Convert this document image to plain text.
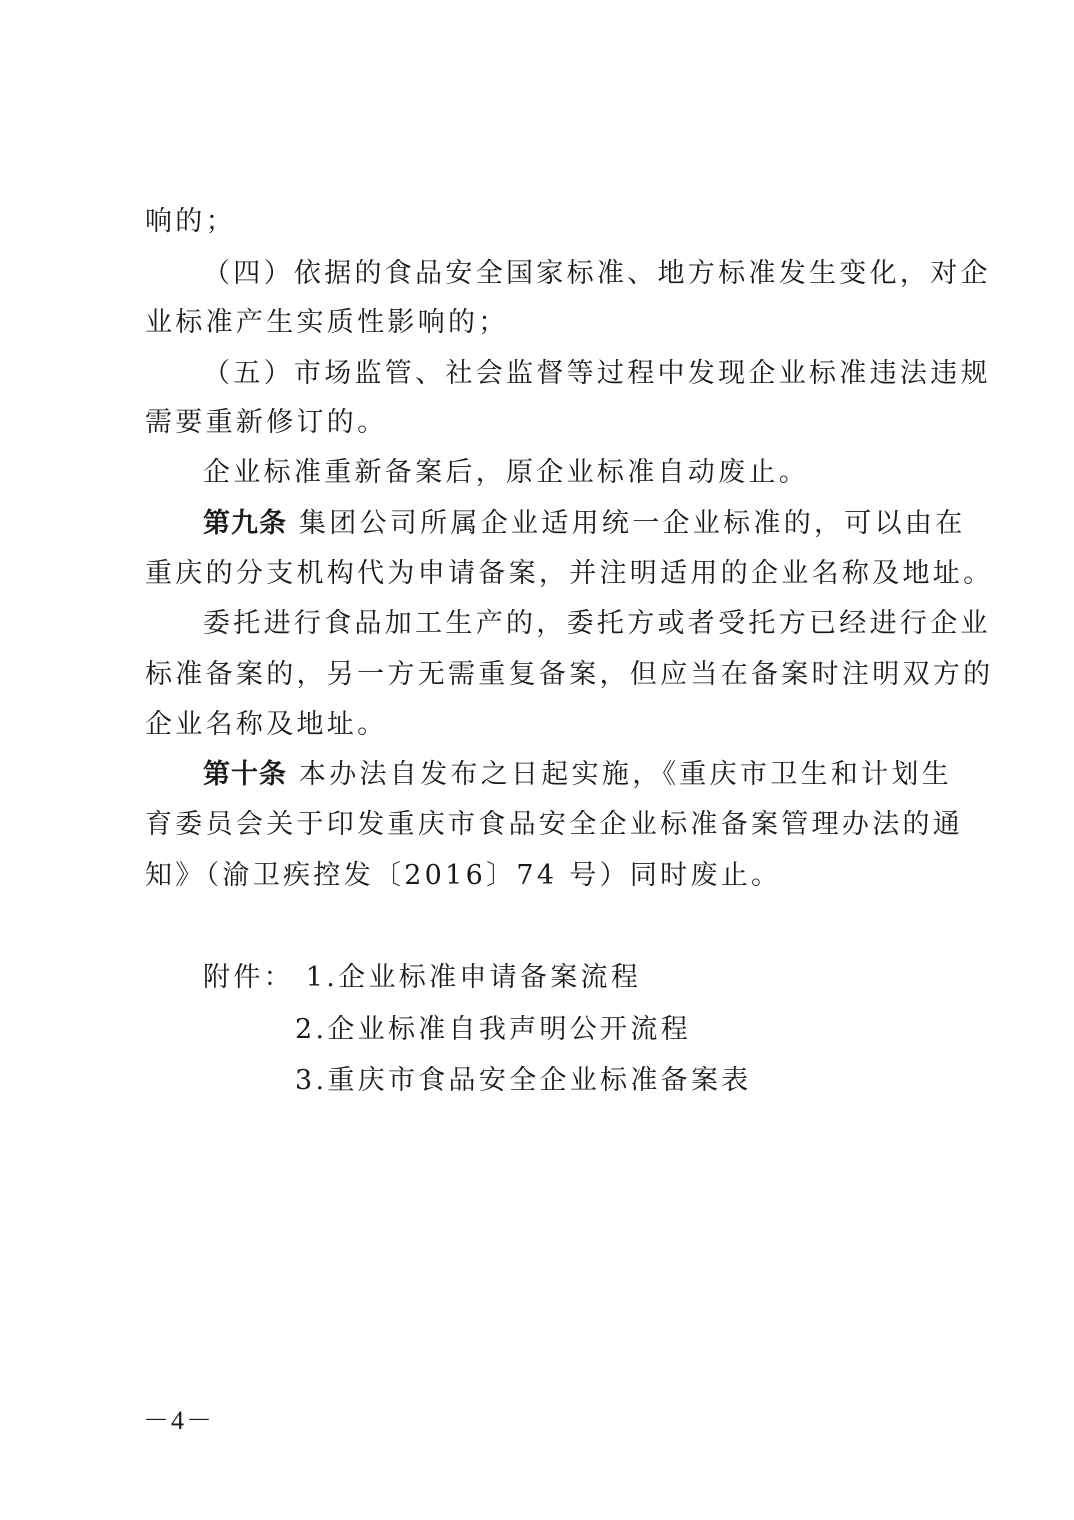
响的；
（四）依据的食品安全国家标准、地方标准发生变化，对企
业标准产生实质性影响的；
（五）市场监管、社会监督等过程中发现企业标准违法违规
需要重新修订的。
企业标准重新备案后，原企业标准自动废止。
第九条 集团公司所属企业适用统一企业标准的，可以由在
重庆的分支机构代为申请备案，并注明适用的企业名称及地址。
委托进行食品加工生产的，委托方或者受托方已经进行企业
标准备案的，另一方无需重复备案，但应当在备案时注明双方的
企业名称及地址。
第十条 本办法自发布之日起实施，《重庆市卫生和计划生
育委员会关于印发重庆市食品安全企业标准备案管理办法的通
知》（渝卫疾控发〔2016〕74 号）同时废止。
附件： 1.企业标准申请备案流程
2.企业标准自我声明公开流程
3.重庆市食品安全企业标准备案表
－4－
